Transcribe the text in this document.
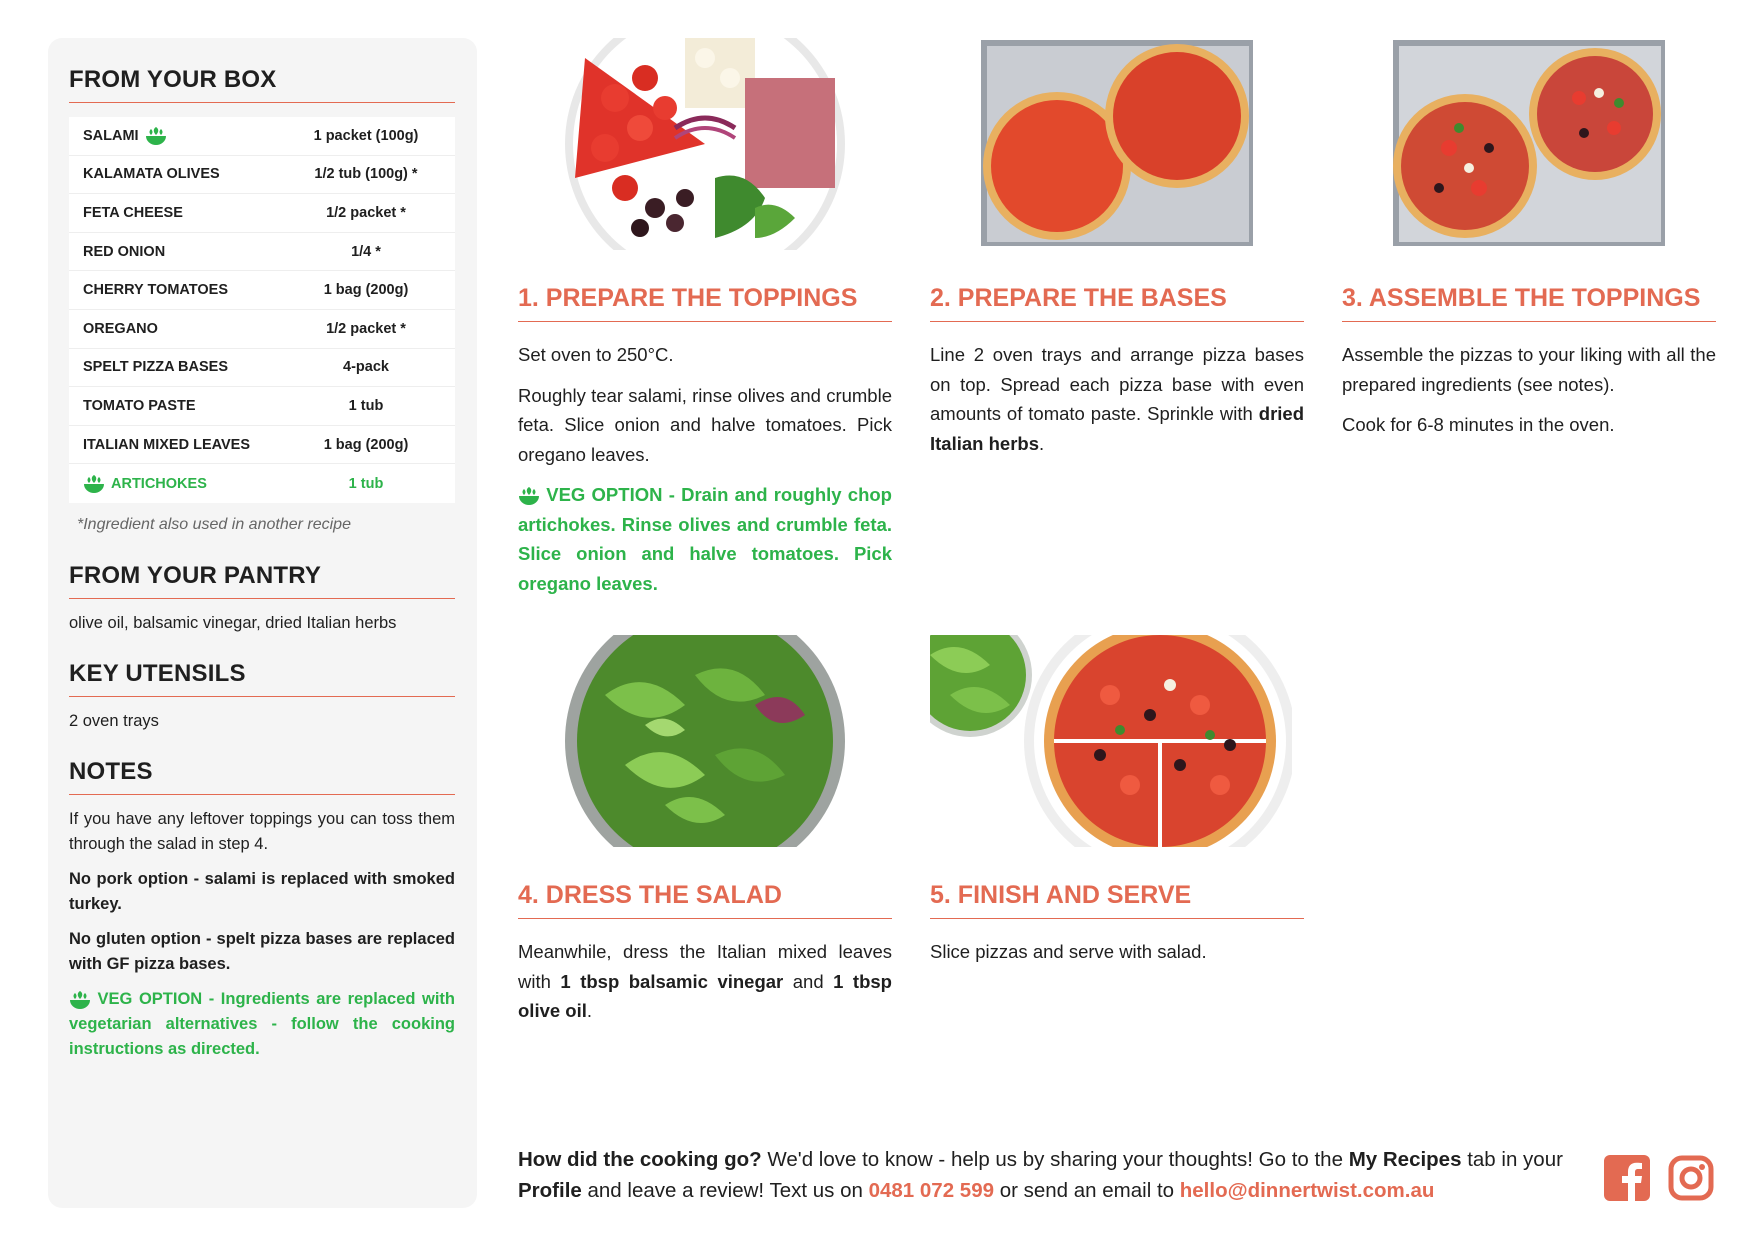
FROM YOUR BOX
SALAMI	1 packet (100g)
KALAMATA OLIVES	1/2 tub (100g) *
FETA CHEESE	1/2 packet *
RED ONION	1/4 *
CHERRY TOMATOES	1 bag (200g)
OREGANO	1/2 packet *
SPELT PIZZA BASES	4-pack
TOMATO PASTE	1 tub
ITALIAN MIXED LEAVES	1 bag (200g)
ARTICHOKES	1 tub
*Ingredient also used in another recipe
FROM YOUR PANTRY
olive oil, balsamic vinegar, dried Italian herbs
KEY UTENSILS
2 oven trays
NOTES

If you have any leftover toppings you can toss them through the salad in step 4.

No pork option - salami is replaced with smoked turkey.

No gluten option - spelt pizza bases are replaced with GF pizza bases.

VEG OPTION - Ingredients are replaced with vegetarian alternatives - follow the cooking instructions as directed.

1. PREPARE THE TOPPINGS

Set oven to 250°C.

Roughly tear salami, rinse olives and crumble feta. Slice onion and halve tomatoes. Pick oregano leaves.

VEG OPTION - Drain and roughly chop artichokes. Rinse olives and crumble feta. Slice onion and halve tomatoes. Pick oregano leaves.

2. PREPARE THE BASES

Line 2 oven trays and arrange pizza bases on top. Spread each pizza base with even amounts of tomato paste. Sprinkle with dried Italian herbs.

3. ASSEMBLE THE TOPPINGS

Assemble the pizzas to your liking with all the prepared ingredients (see notes).

Cook for 6-8 minutes in the oven.

4. DRESS THE SALAD

Meanwhile, dress the Italian mixed leaves with 1 tbsp balsamic vinegar and 1 tbsp olive oil.

5. FINISH AND SERVE

Slice pizzas and serve with salad.

How did the cooking go? We'd love to know - help us by sharing your thoughts! Go to the My Recipes tab in your Profile and leave a review! Text us on 0481 072 599 or send an email to hello@dinnertwist.com.au
